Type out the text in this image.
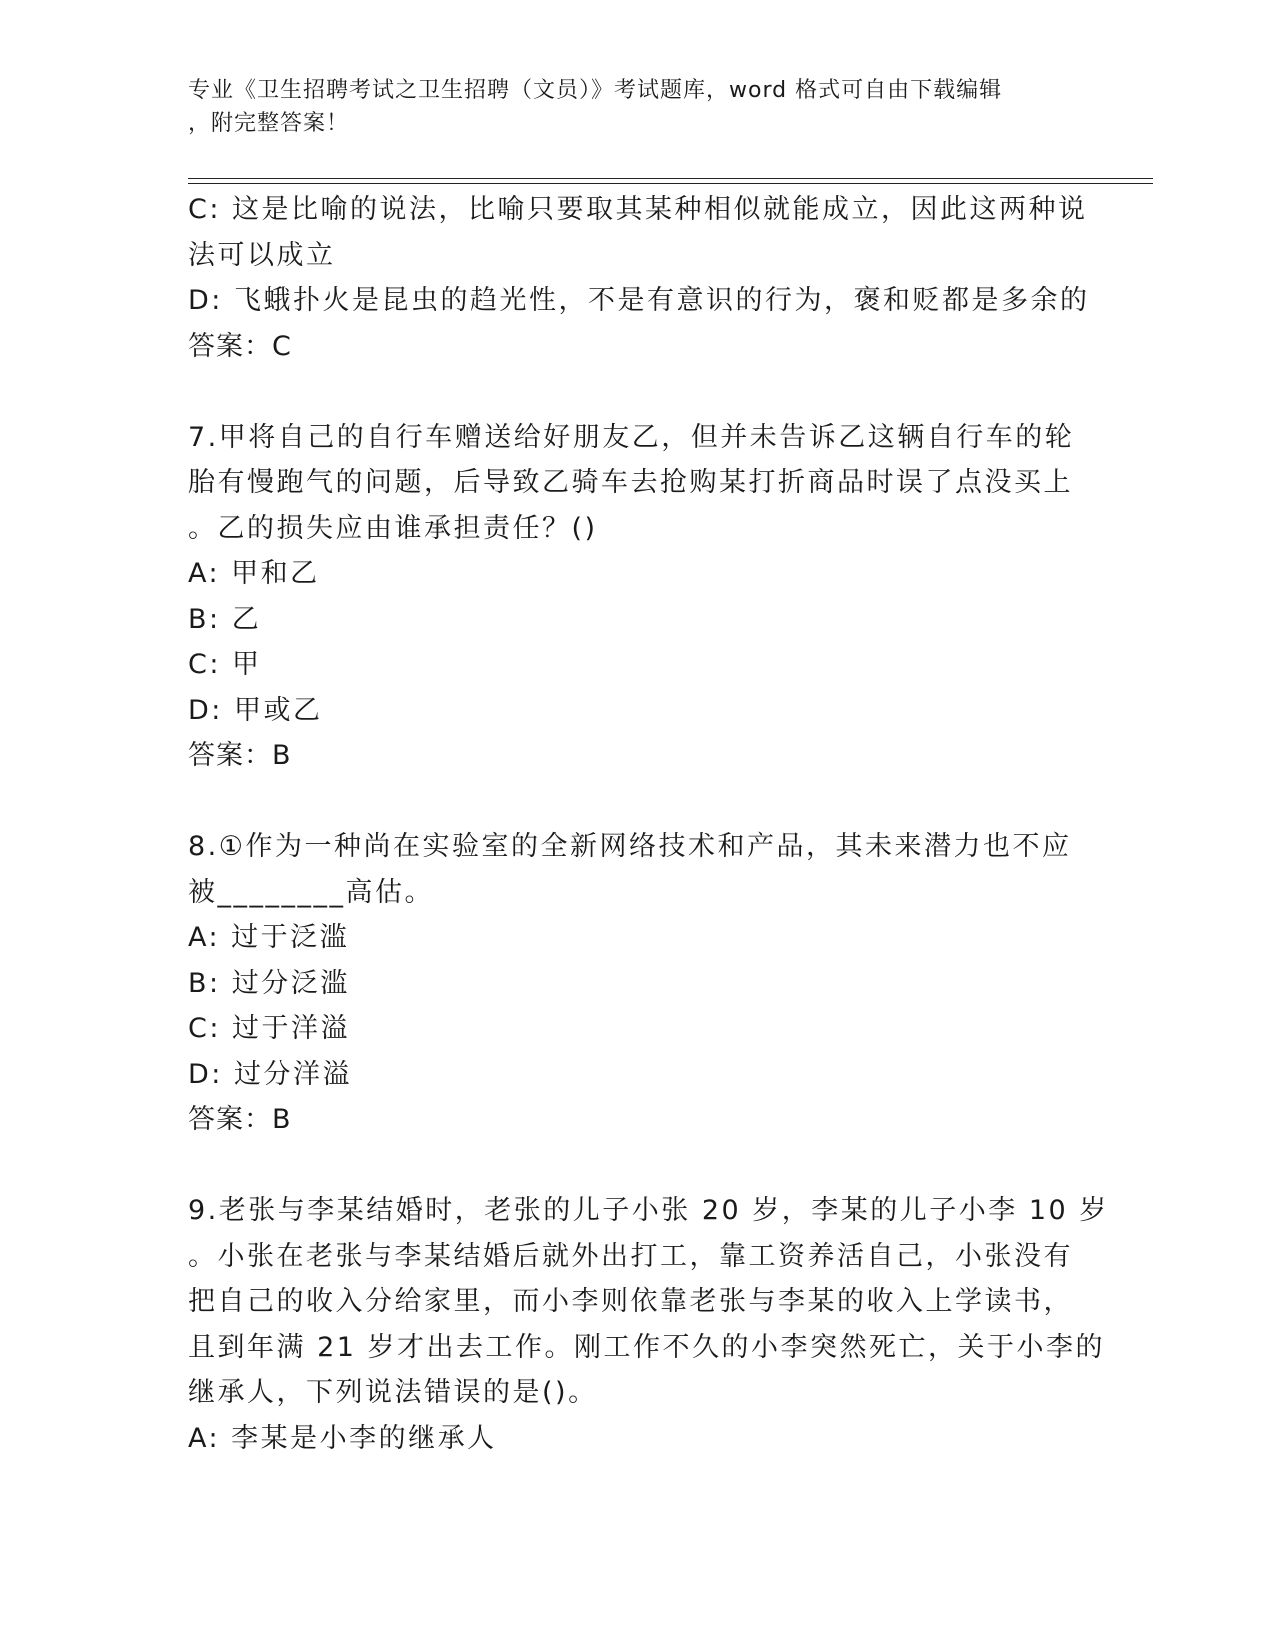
专业《卫生招聘考试之卫生招聘（文员）》考试题库，word 格式可自由下载编辑
，附完整答案！
C: 这是比喻的说法，比喻只要取其某种相似就能成立，因此这两种说
法可以成立
D: 飞蛾扑火是昆虫的趋光性，不是有意识的行为，褒和贬都是多余的
答案：C
7.甲将自己的自行车赠送给好朋友乙，但并未告诉乙这辆自行车的轮
胎有慢跑气的问题，后导致乙骑车去抢购某打折商品时误了点没买上
。乙的损失应由谁承担责任？()
A: 甲和乙
B: 乙
C: 甲
D: 甲或乙
答案：B
8.①作为一种尚在实验室的全新网络技术和产品，其未来潜力也不应
被________高估。
A: 过于泛滥
B: 过分泛滥
C: 过于洋溢
D: 过分洋溢
答案：B
9.老张与李某结婚时，老张的儿子小张 20 岁，李某的儿子小李 10 岁
。小张在老张与李某结婚后就外出打工，靠工资养活自己，小张没有
把自己的收入分给家里，而小李则依靠老张与李某的收入上学读书，
且到年满 21 岁才出去工作。刚工作不久的小李突然死亡，关于小李的
继承人，下列说法错误的是()。
A: 李某是小李的继承人
